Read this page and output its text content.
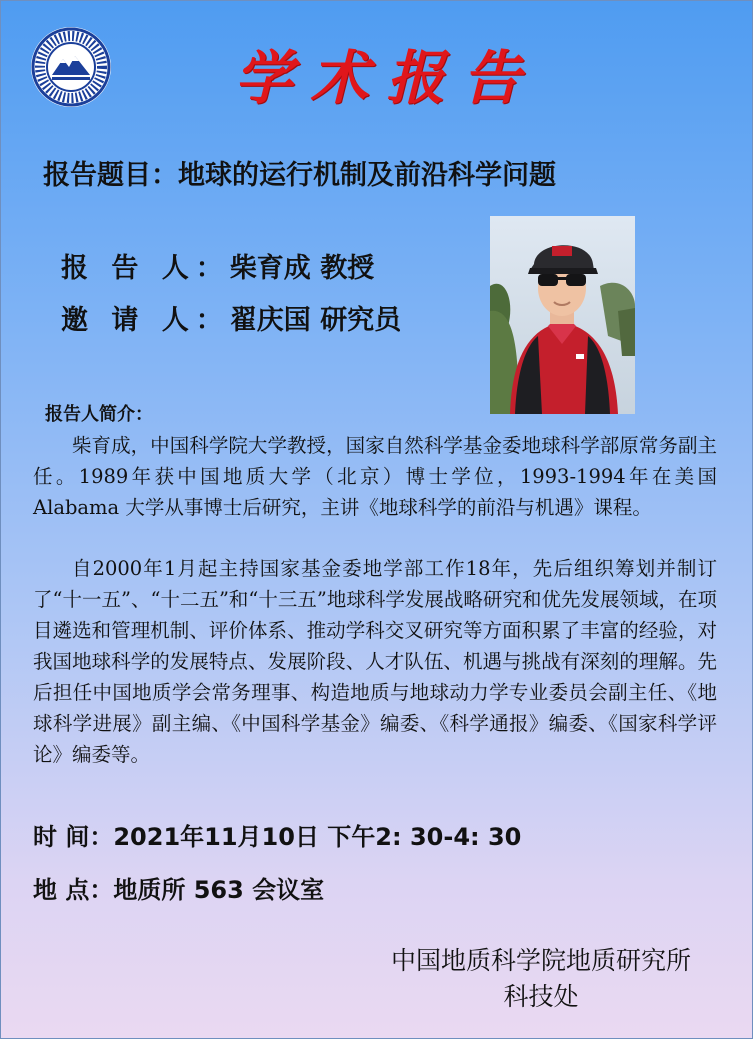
学术报告
报告题目：地球的运行机制及前沿科学问题
报 告 人：柴育成 教授
邀 请 人：翟庆国 研究员
报告人简介：

柴育成，中国科学院大学教授，国家自然科学基金委地球科学部原常务副主任。1989年获中国地质大学（北京）博士学位，1993-1994年在美国Alabama 大学从事博士后研究，主讲《地球科学的前沿与机遇》课程。

自2000年1月起主持国家基金委地学部工作18年，先后组织筹划并制订了“十一五”、“十二五”和“十三五”地球科学发展战略研究和优先发展领域，在项目遴选和管理机制、评价体系、推动学科交叉研究等方面积累了丰富的经验，对我国地球科学的发展特点、发展阶段、人才队伍、机遇与挑战有深刻的理解。先后担任中国地质学会常务理事、构造地质与地球动力学专业委员会副主任、《地球科学进展》副主编、《中国科学基金》编委、《科学通报》编委、《国家科学评论》编委等。

时 间：2021年11月10日 下午2: 30-4: 30
地 点：地质所 563 会议室
中国地质科学院地质研究所
科技处
